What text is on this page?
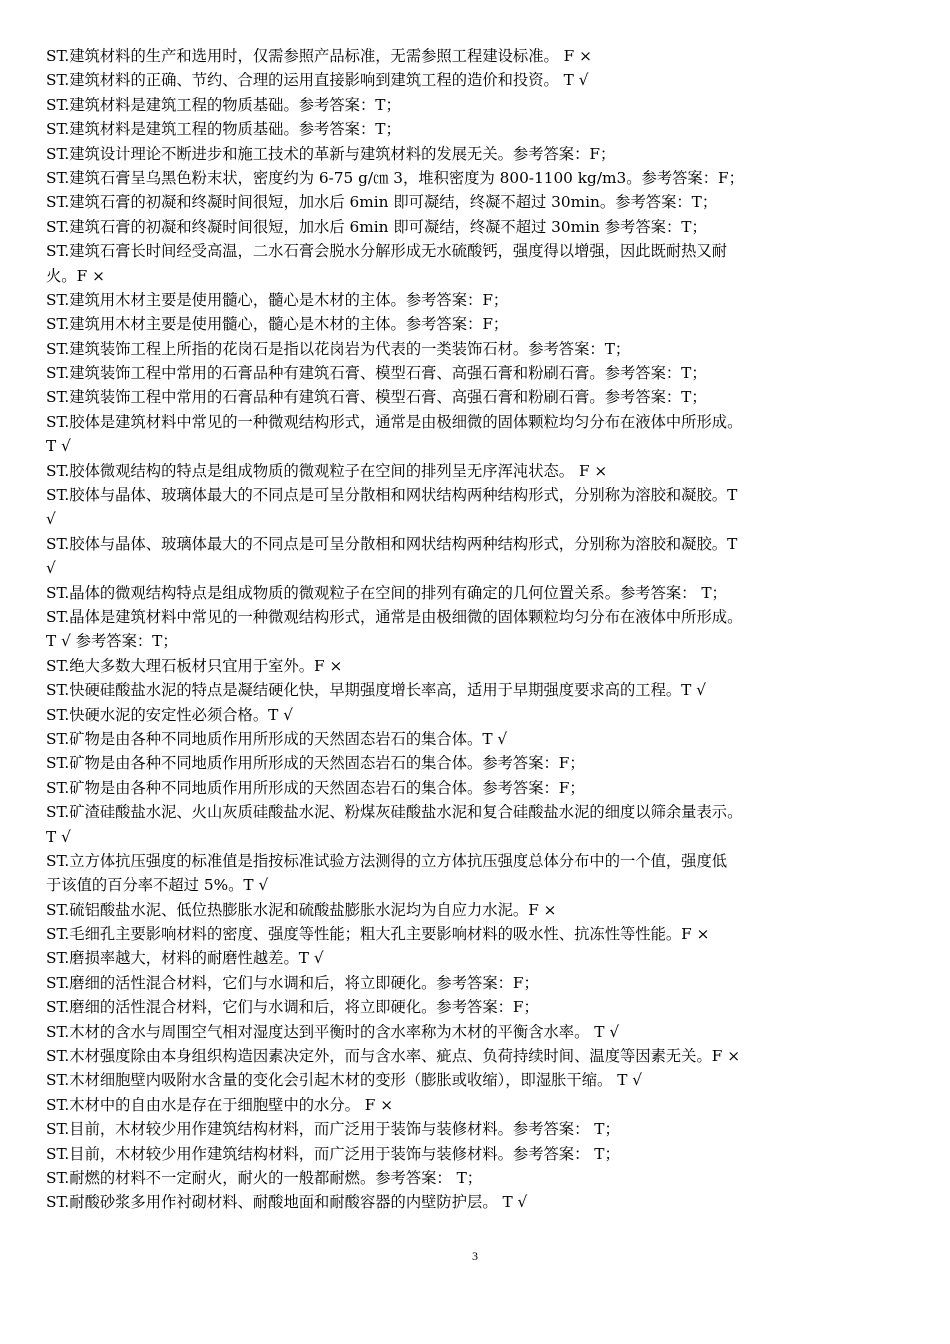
ST.建筑材料的生产和选用时，仅需参照产品标准，无需参照工程建设标准。 F ×
ST.建筑材料的正确、节约、合理的运用直接影响到建筑工程的造价和投资。 T √
ST.建筑材料是建筑工程的物质基础。参考答案：T；
ST.建筑材料是建筑工程的物质基础。参考答案：T；
ST.建筑设计理论不断进步和施工技术的革新与建筑材料的发展无关。参考答案：F；
ST.建筑石膏呈乌黑色粉末状，密度约为 6-75 g/㎝ 3，堆积密度为 800-1100 kg/m3。参考答案：F；
ST.建筑石膏的初凝和终凝时间很短，加水后 6min 即可凝结，终凝不超过 30min。参考答案：T；
ST.建筑石膏的初凝和终凝时间很短，加水后 6min 即可凝结，终凝不超过 30min 参考答案：T；
ST.建筑石膏长时间经受高温，二水石膏会脱水分解形成无水硫酸钙，强度得以增强，因此既耐热又耐
火。F ×
ST.建筑用木材主要是使用髓心，髓心是木材的主体。参考答案：F；
ST.建筑用木材主要是使用髓心，髓心是木材的主体。参考答案：F；
ST.建筑装饰工程上所指的花岗石是指以花岗岩为代表的一类装饰石材。参考答案：T；
ST.建筑装饰工程中常用的石膏品种有建筑石膏、模型石膏、高强石膏和粉刷石膏。参考答案：T；
ST.建筑装饰工程中常用的石膏品种有建筑石膏、模型石膏、高强石膏和粉刷石膏。参考答案：T；
ST.胶体是建筑材料中常见的一种微观结构形式，通常是由极细微的固体颗粒均匀分布在液体中所形成。
T √
ST.胶体微观结构的特点是组成物质的微观粒子在空间的排列呈无序浑沌状态。 F ×
ST.胶体与晶体、玻璃体最大的不同点是可呈分散相和网状结构两种结构形式，分别称为溶胶和凝胶。T
√
ST.胶体与晶体、玻璃体最大的不同点是可呈分散相和网状结构两种结构形式，分别称为溶胶和凝胶。T
√
ST.晶体的微观结构特点是组成物质的微观粒子在空间的排列有确定的几何位置关系。参考答案： T；
ST.晶体是建筑材料中常见的一种微观结构形式，通常是由极细微的固体颗粒均匀分布在液体中所形成。
T √ 参考答案：T；
ST.绝大多数大理石板材只宜用于室外。F ×
ST.快硬硅酸盐水泥的特点是凝结硬化快，早期强度增长率高，适用于早期强度要求高的工程。T √
ST.快硬水泥的安定性必须合格。T √
ST.矿物是由各种不同地质作用所形成的天然固态岩石的集合体。T √
ST.矿物是由各种不同地质作用所形成的天然固态岩石的集合体。参考答案：F；
ST.矿物是由各种不同地质作用所形成的天然固态岩石的集合体。参考答案：F；
ST.矿渣硅酸盐水泥、火山灰质硅酸盐水泥、粉煤灰硅酸盐水泥和复合硅酸盐水泥的细度以筛余量表示。
T √
ST.立方体抗压强度的标准值是指按标准试验方法测得的立方体抗压强度总体分布中的一个值，强度低
于该值的百分率不超过 5%。T √
ST.硫铝酸盐水泥、低位热膨胀水泥和硫酸盐膨胀水泥均为自应力水泥。F ×
ST.毛细孔主要影响材料的密度、强度等性能；粗大孔主要影响材料的吸水性、抗冻性等性能。F ×
ST.磨损率越大，材料的耐磨性越差。T √
ST.磨细的活性混合材料，它们与水调和后，将立即硬化。参考答案：F；
ST.磨细的活性混合材料，它们与水调和后，将立即硬化。参考答案：F；
ST.木材的含水与周围空气相对湿度达到平衡时的含水率称为木材的平衡含水率。 T √
ST.木材强度除由本身组织构造因素决定外，而与含水率、疵点、负荷持续时间、温度等因素无关。F ×
ST.木材细胞壁内吸附水含量的变化会引起木材的变形（膨胀或收缩），即湿胀干缩。 T √
ST.木材中的自由水是存在于细胞壁中的水分。 F ×
ST.目前，木材较少用作建筑结构材料，而广泛用于装饰与装修材料。参考答案： T；
ST.目前，木材较少用作建筑结构材料，而广泛用于装饰与装修材料。参考答案： T；
ST.耐燃的材料不一定耐火，耐火的一般都耐燃。参考答案： T；
ST.耐酸砂浆多用作衬砌材料、耐酸地面和耐酸容器的内壁防护层。 T √
3
